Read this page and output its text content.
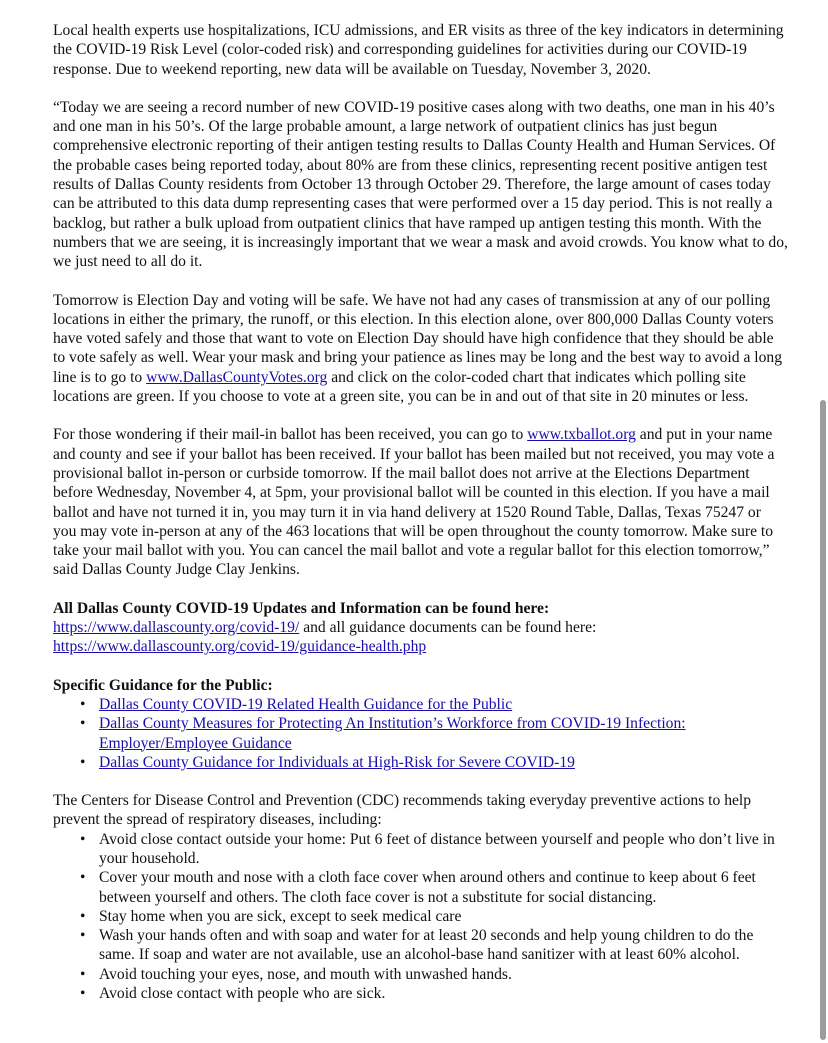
Local health experts use hospitalizations, ICU admissions, and ER visits as three of the key indicators in determining the COVID-19 Risk Level (color-coded risk) and corresponding guidelines for activities during our COVID-19 response. Due to weekend reporting, new data will be available on Tuesday, November 3, 2020.

“Today we are seeing a record number of new COVID-19 positive cases along with two deaths, one man in his 40’s and one man in his 50’s. Of the large probable amount, a large network of outpatient clinics has just begun comprehensive electronic reporting of their antigen testing results to Dallas County Health and Human Services. Of the probable cases being reported today, about 80% are from these clinics, representing recent positive antigen test results of Dallas County residents from October 13 through October 29. Therefore, the large amount of cases today can be attributed to this data dump representing cases that were performed over a 15 day period. This is not really a backlog, but rather a bulk upload from outpatient clinics that have ramped up antigen testing this month. With the numbers that we are seeing, it is increasingly important that we wear a mask and avoid crowds. You know what to do, we just need to all do it.

Tomorrow is Election Day and voting will be safe. We have not had any cases of transmission at any of our polling locations in either the primary, the runoff, or this election. In this election alone, over 800,000 Dallas County voters have voted safely and those that want to vote on Election Day should have high confidence that they should be able to vote safely as well. Wear your mask and bring your patience as lines may be long and the best way to avoid a long line is to go to www.DallasCountyVotes.org and click on the color-coded chart that indicates which polling site locations are green. If you choose to vote at a green site, you can be in and out of that site in 20 minutes or less.

For those wondering if their mail-in ballot has been received, you can go to www.txballot.org and put in your name and county and see if your ballot has been received. If your ballot has been mailed but not received, you may vote a provisional ballot in-person or curbside tomorrow. If the mail ballot does not arrive at the Elections Department before Wednesday, November 4, at 5pm, your provisional ballot will be counted in this election. If you have a mail ballot and have not turned it in, you may turn it in via hand delivery at 1520 Round Table, Dallas, Texas 75247 or you may vote in-person at any of the 463 locations that will be open throughout the county tomorrow. Make sure to take your mail ballot with you. You can cancel the mail ballot and vote a regular ballot for this election tomorrow,” said Dallas County Judge Clay Jenkins.

All Dallas County COVID-19 Updates and Information can be found here:
https://www.dallascounty.org/covid-19/ and all guidance documents can be found here:
https://www.dallascounty.org/covid-19/guidance-health.php
Specific Guidance for the Public:
• Dallas County COVID-19 Related Health Guidance for the Public
• Dallas County Measures for Protecting An Institution’s Workforce from COVID-19 Infection: Employer/Employee Guidance
• Dallas County Guidance for Individuals at High-Risk for Severe COVID-19
The Centers for Disease Control and Prevention (CDC) recommends taking everyday preventive actions to help prevent the spread of respiratory diseases, including:
• Avoid close contact outside your home: Put 6 feet of distance between yourself and people who don’t live in your household.
• Cover your mouth and nose with a cloth face cover when around others and continue to keep about 6 feet between yourself and others. The cloth face cover is not a substitute for social distancing.
• Stay home when you are sick, except to seek medical care
• Wash your hands often and with soap and water for at least 20 seconds and help young children to do the same. If soap and water are not available, use an alcohol-base hand sanitizer with at least 60% alcohol.
• Avoid touching your eyes, nose, and mouth with unwashed hands.
• Avoid close contact with people who are sick.
